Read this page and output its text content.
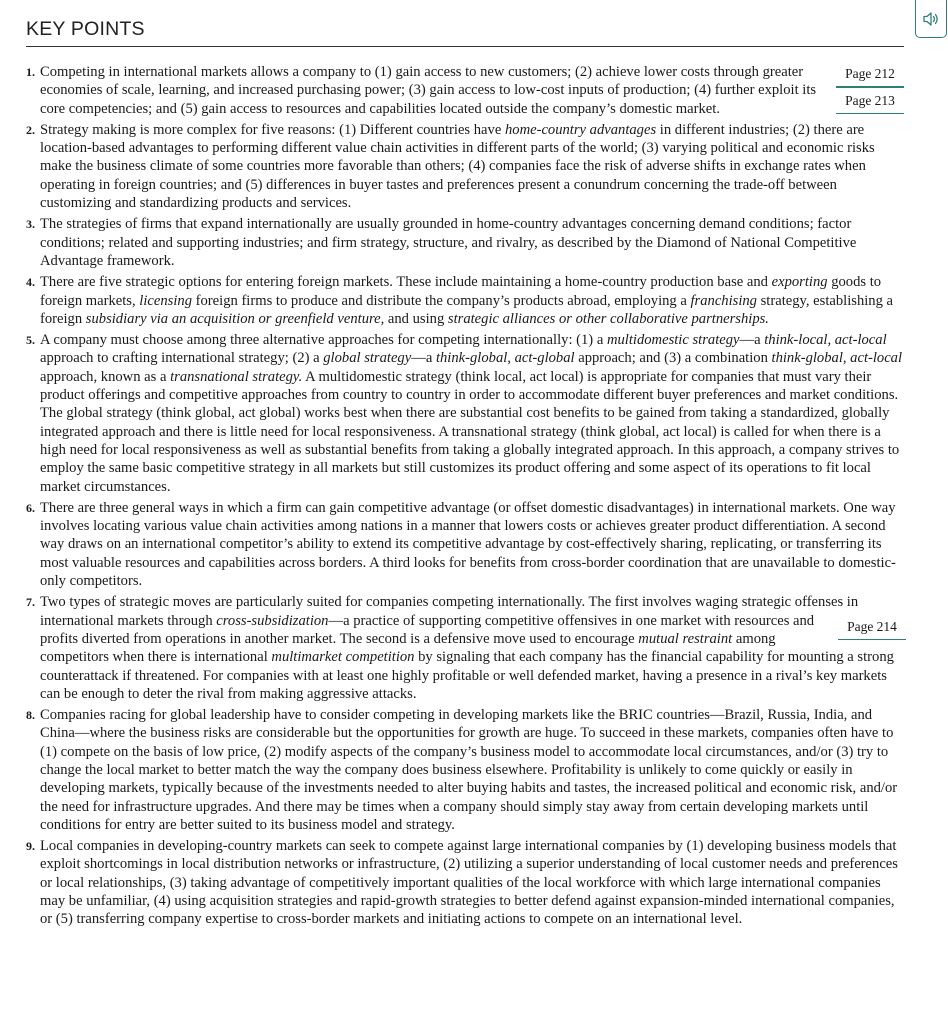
KEY POINTS
1.	Page 212
Page 213
Competing in international markets allows a company to (1) gain access to new customers; (2) achieve lower costs through greater economies of scale, learning, and increased purchasing power; (3) gain access to low-cost inputs of production; (4) further exploit its core competencies; and (5) gain access to resources and capabilities located outside the company’s domestic market.
2. Strategy making is more complex for five reasons: (1) Different countries have home-country advantages in different industries; (2) there are location-based advantages to performing different value chain activities in different parts of the world; (3) varying political and economic risks make the business climate of some countries more favorable than others; (4) companies face the risk of adverse shifts in exchange rates when operating in foreign countries; and (5) differences in buyer tastes and preferences present a conundrum concerning the trade-off between customizing and standardizing products and services.
3. The strategies of firms that expand internationally are usually grounded in home-country advantages concerning demand conditions; factor conditions; related and supporting industries; and firm strategy, structure, and rivalry, as described by the Diamond of National Competitive Advantage framework.
4. There are five strategic options for entering foreign markets. These include maintaining a home-country production base and exporting goods to foreign markets, licensing foreign firms to produce and distribute the company’s products abroad, employing a franchising strategy, establishing a foreign subsidiary via an acquisition or greenfield venture, and using strategic alliances or other collaborative partnerships.
5. A company must choose among three alternative approaches for competing internationally: (1) a multidomestic strategy—a think-local, act-local approach to crafting international strategy; (2) a global strategy—a think-global, act-global approach; and (3) a combination think-global, act-local approach, known as a transnational strategy. A multidomestic strategy (think local, act local) is appropriate for companies that must vary their product offerings and competitive approaches from country to country in order to accommodate different buyer preferences and market conditions. The global strategy (think global, act global) works best when there are substantial cost benefits to be gained from taking a standardized, globally integrated approach and there is little need for local responsiveness. A transnational strategy (think global, act local) is called for when there is a high need for local responsiveness as well as substantial benefits from taking a globally integrated approach. In this approach, a company strives to employ the same basic competitive strategy in all markets but still customizes its product offering and some aspect of its operations to fit local market circumstances.
6. There are three general ways in which a firm can gain competitive advantage (or offset domestic disadvantages) in international markets. One way involves locating various value chain activities among nations in a manner that lowers costs or achieves greater product differentiation. A second way draws on an international competitor’s ability to extend its competitive advantage by cost-effectively sharing, replicating, or transferring its most valuable resources and capabilities across borders. A third looks for benefits from cross-border coordination that are unavailable to domestic-only competitors.
7. Two types of strategic moves are particularly suited for companies competing internationally. The first involves waging strategic offenses in international markets through cross-subsidization	Page 214
—a practice of supporting competitive offensives in one market with resources and profits diverted from operations in another market. The second is a defensive move used to encourage mutual restraint among competitors when there is international multimarket competition by signaling that each company has the financial capability for mounting a strong counterattack if threatened. For companies with at least one highly profitable or well defended market, having a presence in a rival’s key markets can be enough to deter the rival from making aggressive attacks.
8. Companies racing for global leadership have to consider competing in developing markets like the BRIC countries—Brazil, Russia, India, and China—where the business risks are considerable but the opportunities for growth are huge. To succeed in these markets, companies often have to (1) compete on the basis of low price, (2) modify aspects of the company’s business model to accommodate local circumstances, and/or (3) try to change the local market to better match the way the company does business elsewhere. Profitability is unlikely to come quickly or easily in developing markets, typically because of the investments needed to alter buying habits and tastes, the increased political and economic risk, and/or the need for infrastructure upgrades. And there may be times when a company should simply stay away from certain developing markets until conditions for entry are better suited to its business model and strategy.
9. Local companies in developing-country markets can seek to compete against large international companies by (1) developing business models that exploit shortcomings in local distribution networks or infrastructure, (2) utilizing a superior understanding of local customer needs and preferences or local relationships, (3) taking advantage of competitively important qualities of the local workforce with which large international companies may be unfamiliar, (4) using acquisition strategies and rapid-growth strategies to better defend against expansion-minded international companies, or (5) transferring company expertise to cross-border markets and initiating actions to compete on an international level.
